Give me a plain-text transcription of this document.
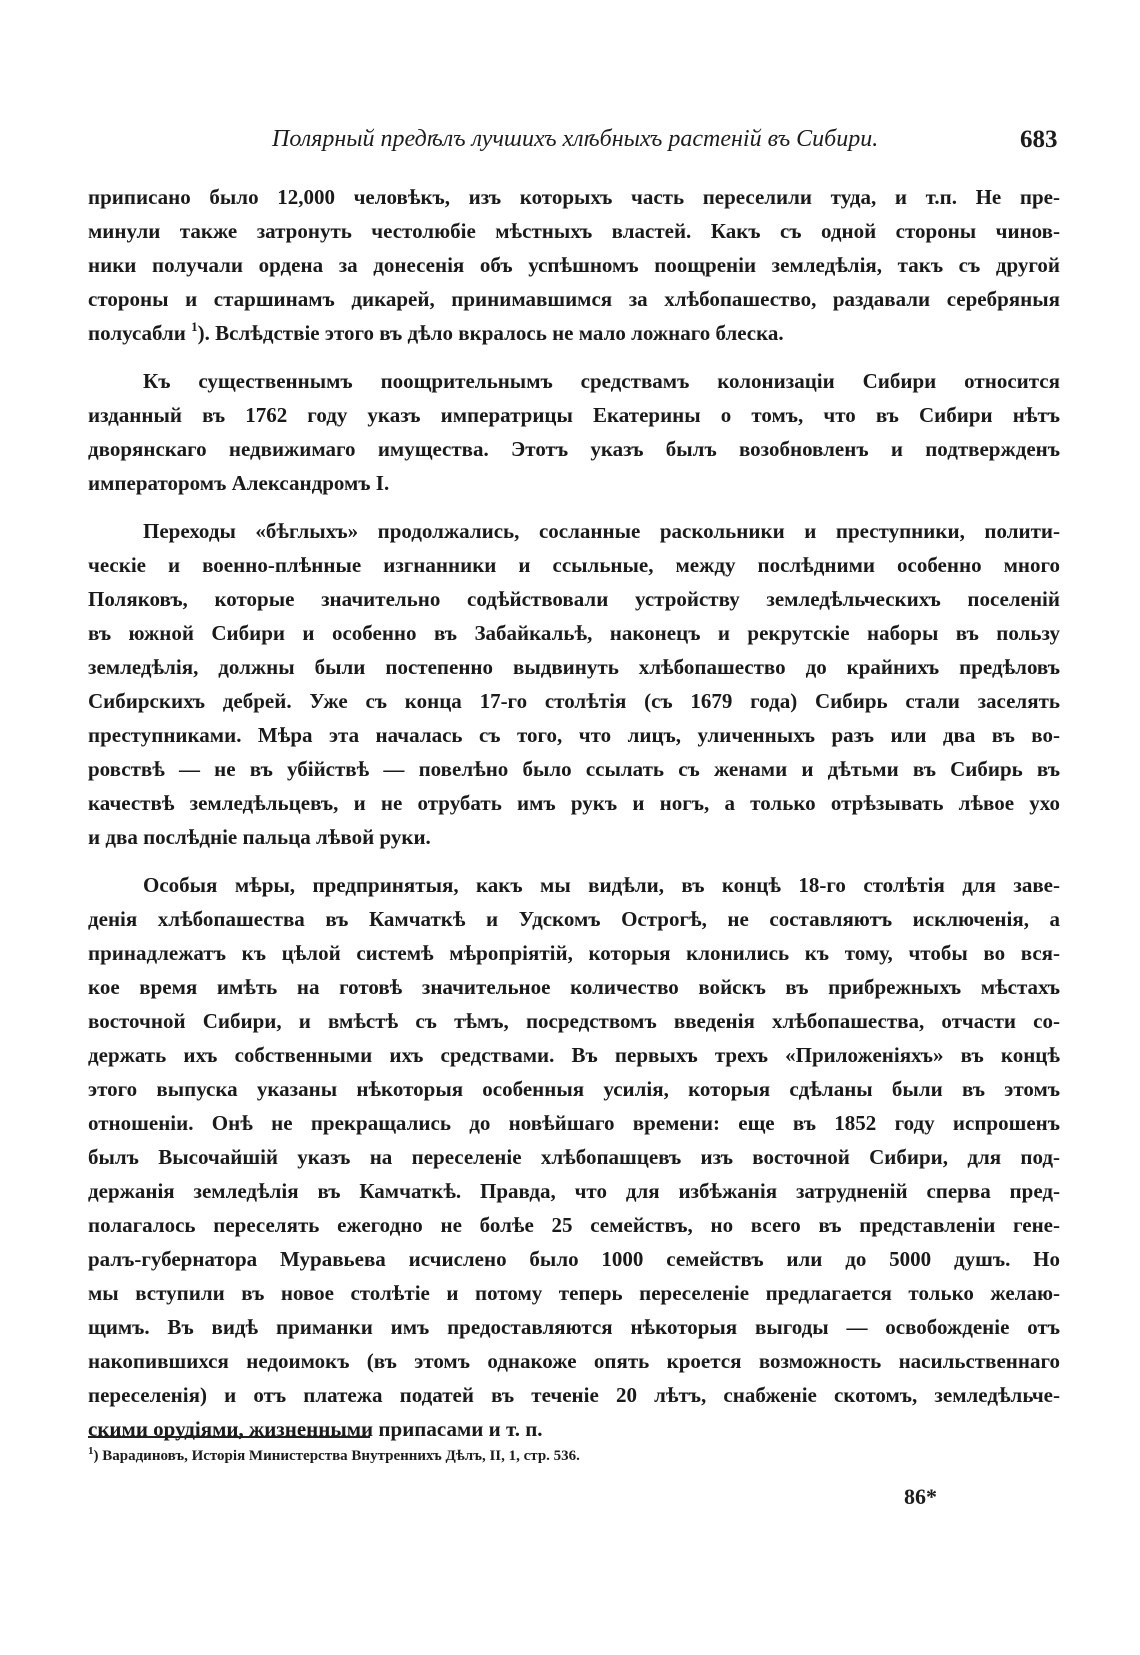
Полярный предѣлъ лучшихъ хлѣбныхъ растеній въ Сибири.	683
приписано было 12,000 человѣкъ, изъ которыхъ часть переселили туда, и т.п. Не пре-
минули также затронуть честолюбіе мѣстныхъ властей. Какъ съ одной стороны чинов-
ники получали ордена за донесенія объ успѣшномъ поощреніи земледѣлія, такъ съ другой
стороны и старшинамъ дикарей, принимавшимся за хлѣбопашество, раздавали серебряныя
полусабли $^1$). Вслѣдствіе этого въ дѣло вкралось не мало ложнаго блеска.
Къ существеннымъ поощрительнымъ средствамъ колонизаціи Сибири относится
изданный въ 1762 году указъ императрицы Екатерины о томъ, что въ Сибири нѣтъ
дворянскаго недвижимаго имущества. Этотъ указъ былъ возобновленъ и подтвержденъ
императоромъ Александромъ I.
Переходы «бѣглыхъ» продолжались, сосланные раскольники и преступники, полити-
ческіе и военно-плѣнные изгнанники и ссыльные, между послѣдними особенно много
Поляковъ, которые значительно содѣйствовали устройству земледѣльческихъ поселеній
въ южной Сибири и особенно въ Забайкальѣ, наконецъ и рекрутскіе наборы въ пользу
земледѣлія, должны были постепенно выдвинуть хлѣбопашество до крайнихъ предѣловъ
Сибирскихъ дебрей. Уже съ конца 17-го столѣтія (съ 1679 года) Сибирь стали заселять
преступниками. Мѣра эта началась съ того, что лицъ, уличенныхъ разъ или два въ во-
ровствѣ — не въ убійствѣ — повелѣно было ссылать съ женами и дѣтьми въ Сибирь въ
качествѣ земледѣльцевъ, и не отрубать имъ рукъ и ногъ, а только отрѣзывать лѣвое ухо
и два послѣдніе пальца лѣвой руки.
Особыя мѣры, предпринятыя, какъ мы видѣли, въ концѣ 18-го столѣтія для заве-
денія хлѣбопашества въ Камчаткѣ и Удскомъ Острогѣ, не составляютъ исключенія, а
принадлежатъ къ цѣлой системѣ мѣропріятій, которыя клонились къ тому, чтобы во вся-
кое время имѣть на готовѣ значительное количество войскъ въ прибрежныхъ мѣстахъ
восточной Сибири, и вмѣстѣ съ тѣмъ, посредствомъ введенія хлѣбопашества, отчасти со-
держать ихъ собственными ихъ средствами. Въ первыхъ трехъ «Приложеніяхъ» въ концѣ
этого выпуска указаны нѣкоторыя особенныя усилія, которыя сдѣланы были въ этомъ
отношеніи. Онѣ не прекращались до новѣйшаго времени: еще въ 1852 году испрошенъ
былъ Высочайшій указъ на переселеніе хлѣбопашцевъ изъ восточной Сибири, для под-
держанія земледѣлія въ Камчаткѣ. Правда, что для избѣжанія затрудненій сперва пред-
полагалось переселять ежегодно не болѣе 25 семействъ, но всего въ представленіи гене-
ралъ-губернатора Муравьева исчислено было 1000 семействъ или до 5000 душъ. Но
мы вступили въ новое столѣтіе и потому теперь переселеніе предлагается только желаю-
щимъ. Въ видѣ приманки имъ предоставляются нѣкоторыя выгоды — освобожденіе отъ
накопившихся недоимокъ (въ этомъ однакоже опять кроется возможность насильственнаго
переселенія) и отъ платежа податей въ теченіе 20 лѣтъ, снабженіе скотомъ, земледѣльче-
скими орудіями, жизненными припасами и т. п.
$^1$) Варадиновъ, Исторія Министерства Внутреннихъ Дѣлъ, II, 1, стр. 536.
86*
